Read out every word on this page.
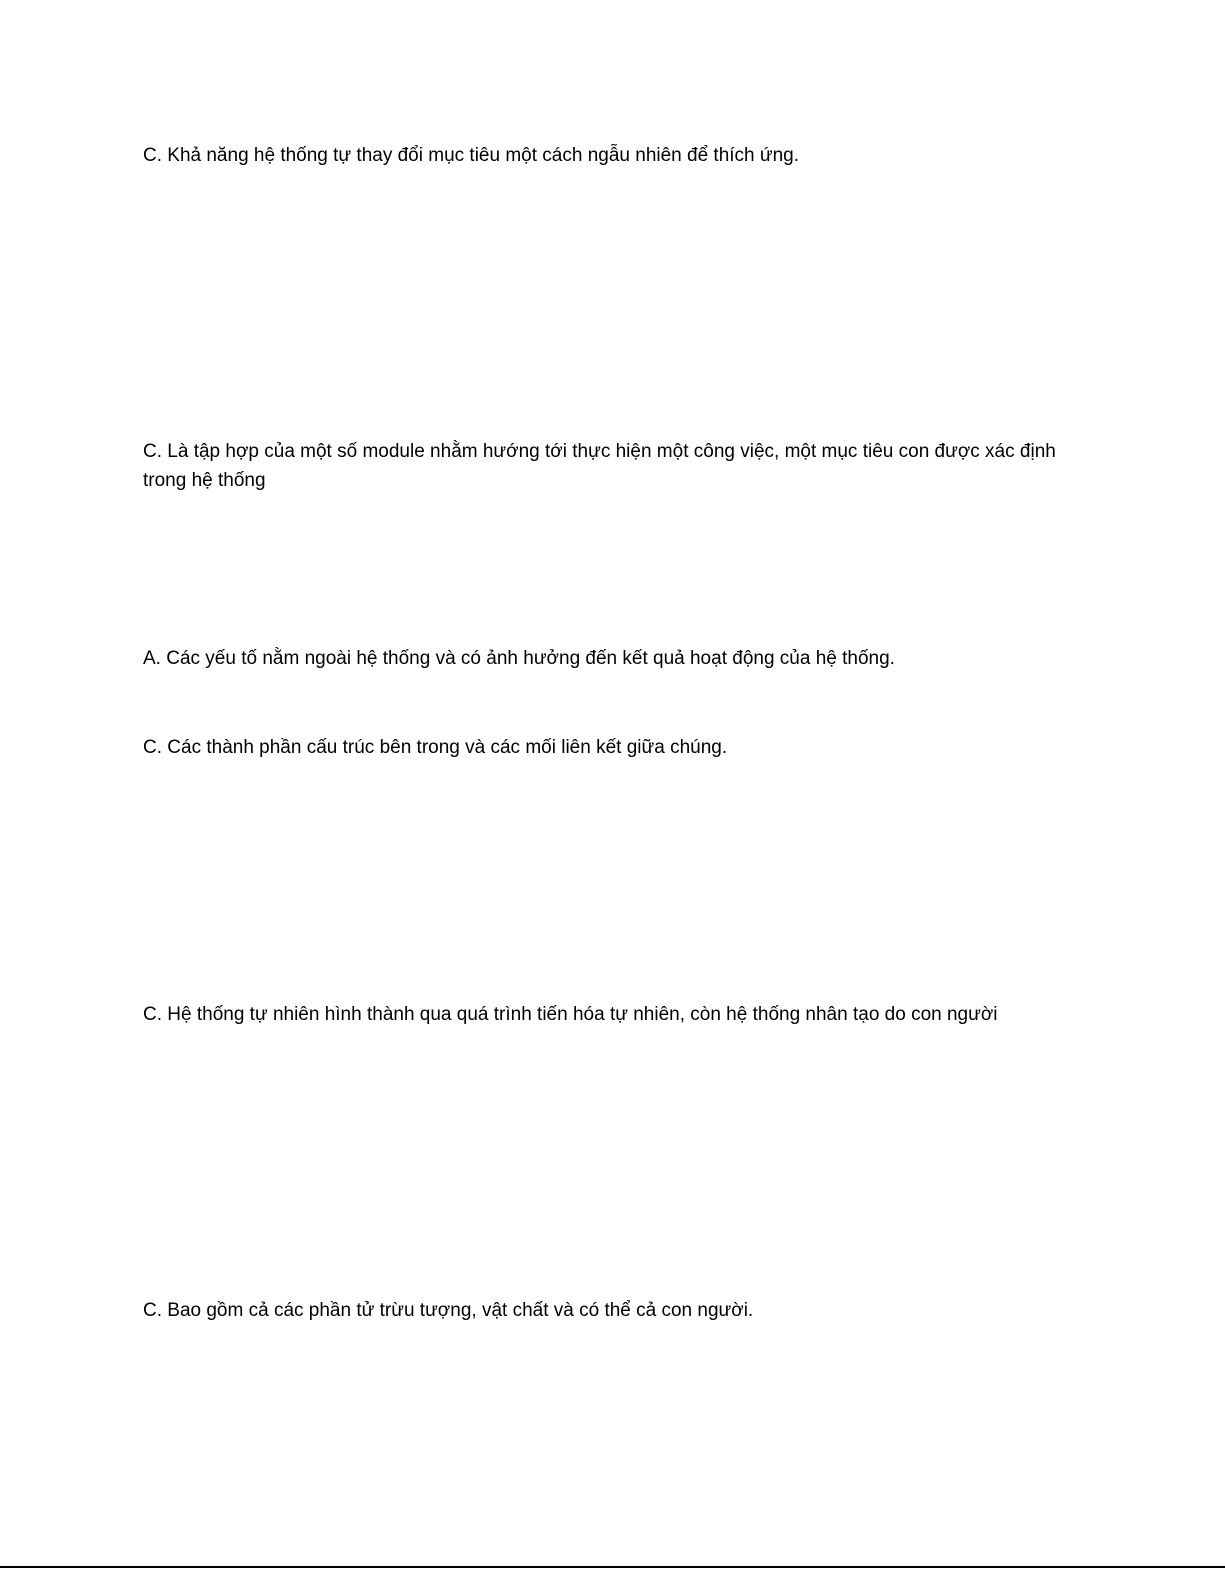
C. Khả năng hệ thống tự thay đổi mục tiêu một cách ngẫu nhiên để thích ứng.

C. Là tập hợp của một số module nhằm hướng tới thực hiện một công việc, một mục tiêu con được xác định trong hệ thống

A. Các yếu tố nằm ngoài hệ thống và có ảnh hưởng đến kết quả hoạt động của hệ thống.

C. Các thành phần cấu trúc bên trong và các mối liên kết giữa chúng.

C. Hệ thống tự nhiên hình thành qua quá trình tiến hóa tự nhiên, còn hệ thống nhân tạo do con người

C. Bao gồm cả các phần tử trừu tượng, vật chất và có thể cả con người.
